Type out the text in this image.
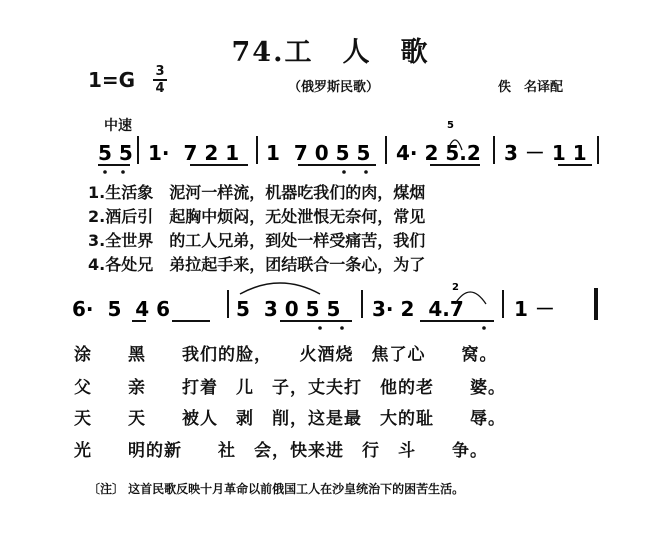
74.工　人　歌
1=G 3
4	（俄罗斯民歌）	佚　名译配
中速
5 5 1·  7 2 1 1  7 0 5 5 4· 2 5.2 3 － 1 1
5
6·  5  4 6	5  3 0 5 5 3· 2  4.7	1 －
2
1.生活象　泥河一样流，机器吃我们的肉，煤烟
2.酒后引　起胸中烦闷，无处泄恨无奈何，常见
3.全世界　的工人兄弟，到处一样受痛苦，我们
4.各处兄　弟拉起手来，团结联合一条心，为了
涂　　黑　　我们的脸，　　火酒烧　焦了心　　窝。
父　　亲　　打着　儿　子，丈夫打　他的老　　婆。
天　　天　　被人　剥　削，这是最　大的耻　　辱。
光　　明的新　　社　会，快来进　行　斗　　争。
〔注〕 这首民歌反映十月革命以前俄国工人在沙皇统治下的困苦生活。
